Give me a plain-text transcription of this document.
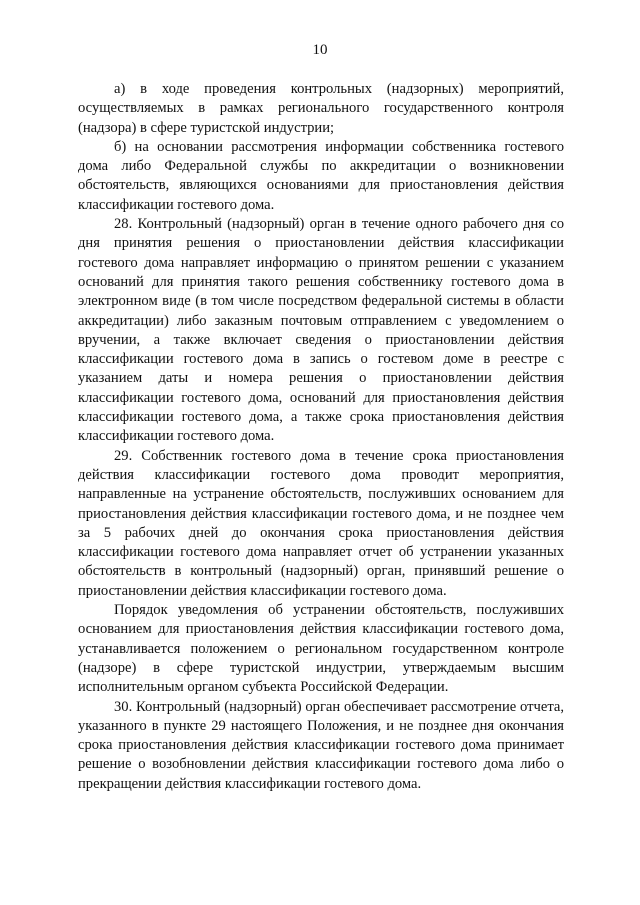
10

а) в ходе проведения контрольных (надзорных) мероприятий, осуществляемых в рамках регионального государственного контроля (надзора) в сфере туристской индустрии;

б) на основании рассмотрения информации собственника гостевого дома либо Федеральной службы по аккредитации о возникновении обстоятельств, являющихся основаниями для приостановления действия классификации гостевого дома.

28. Контрольный (надзорный) орган в течение одного рабочего дня со дня принятия решения о приостановлении действия классификации гостевого дома направляет информацию о принятом решении с указанием оснований для принятия такого решения собственнику гостевого дома в электронном виде (в том числе посредством федеральной системы в области аккредитации) либо заказным почтовым отправлением с уведомлением о вручении, а также включает сведения о приостановлении действия классификации гостевого дома в запись о гостевом доме в реестре с указанием даты и номера решения о приостановлении действия классификации гостевого дома, оснований для приостановления действия классификации гостевого дома, а также срока приостановления действия классификации гостевого дома.

29. Собственник гостевого дома в течение срока приостановления действия классификации гостевого дома проводит мероприятия, направленные на устранение обстоятельств, послуживших основанием для приостановления действия классификации гостевого дома, и не позднее чем за 5 рабочих дней до окончания срока приостановления действия классификации гостевого дома направляет отчет об устранении указанных обстоятельств в контрольный (надзорный) орган, принявший решение о приостановлении действия классификации гостевого дома.

Порядок уведомления об устранении обстоятельств, послуживших основанием для приостановления действия классификации гостевого дома, устанавливается положением о региональном государственном контроле (надзоре) в сфере туристской индустрии, утверждаемым высшим исполнительным органом субъекта Российской Федерации.

30. Контрольный (надзорный) орган обеспечивает рассмотрение отчета, указанного в пункте 29 настоящего Положения, и не позднее дня окончания срока приостановления действия классификации гостевого дома принимает решение о возобновлении действия классификации гостевого дома либо о прекращении действия классификации гостевого дома.
